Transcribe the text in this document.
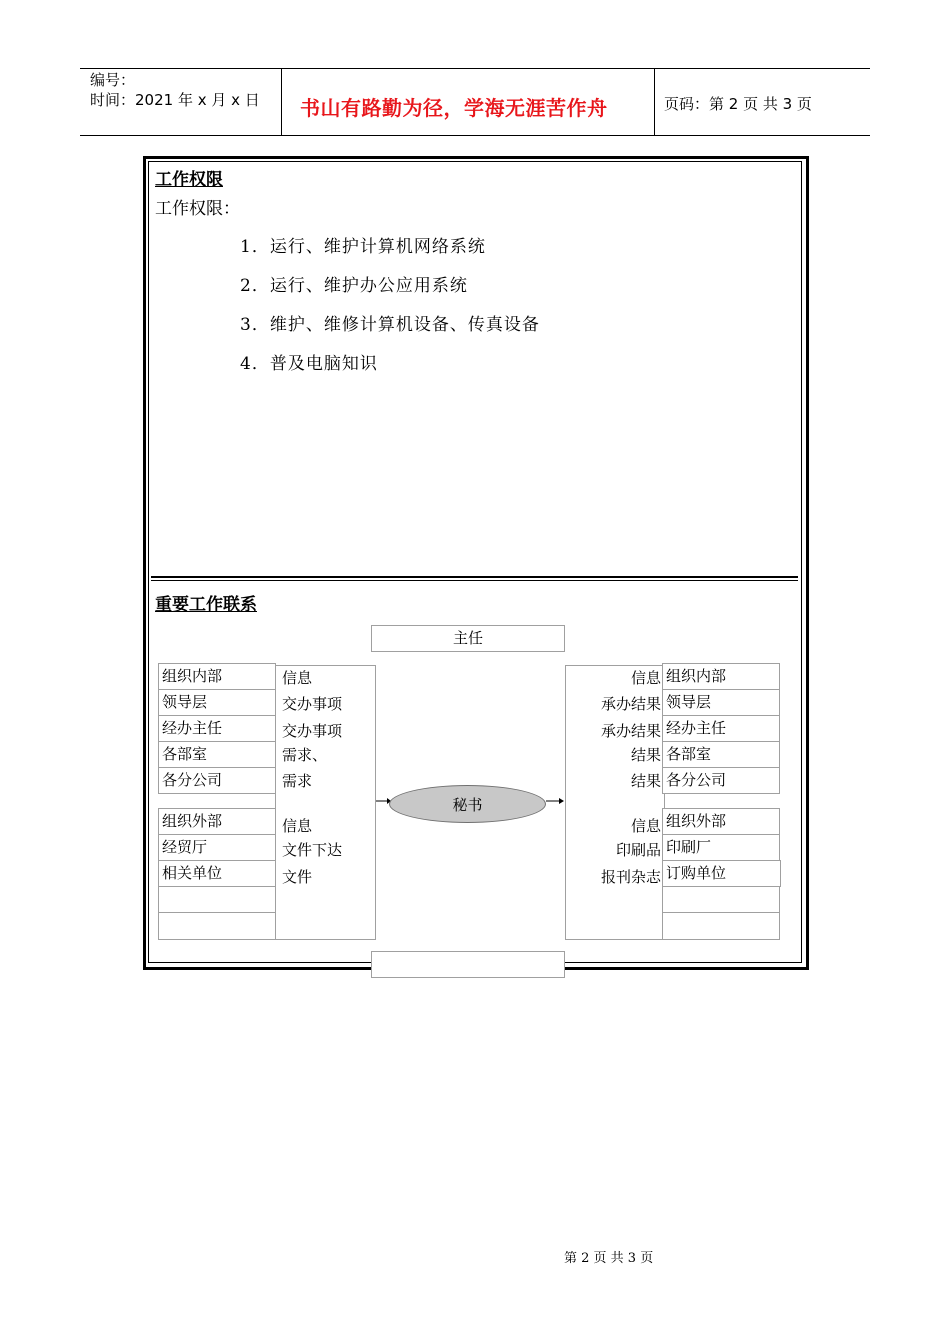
编号：
时间：2021 年 x 月 x 日 书山有路勤为径，学海无涯苦作舟	页码：第 2 页 共 3 页
工作权限
工作权限：
1．运行、维护计算机网络系统
2．运行、维护办公应用系统
3．维护、维修计算机设备、传真设备
4．普及电脑知识
重要工作联系
主任
组织内部
领导层
经办主任
各部室
各分公司
组织外部
经贸厅
相关单位
信息
交办事项
交办事项
需求、
需求
信息
文件下达
文件
组织内部
领导层
经办主任
各部室
各分公司
组织外部
印刷厂
订购单位
信息
承办结果
承办结果
结果
结果
信息
印刷品
报刊杂志
秘书
第 2 页 共 3 页
